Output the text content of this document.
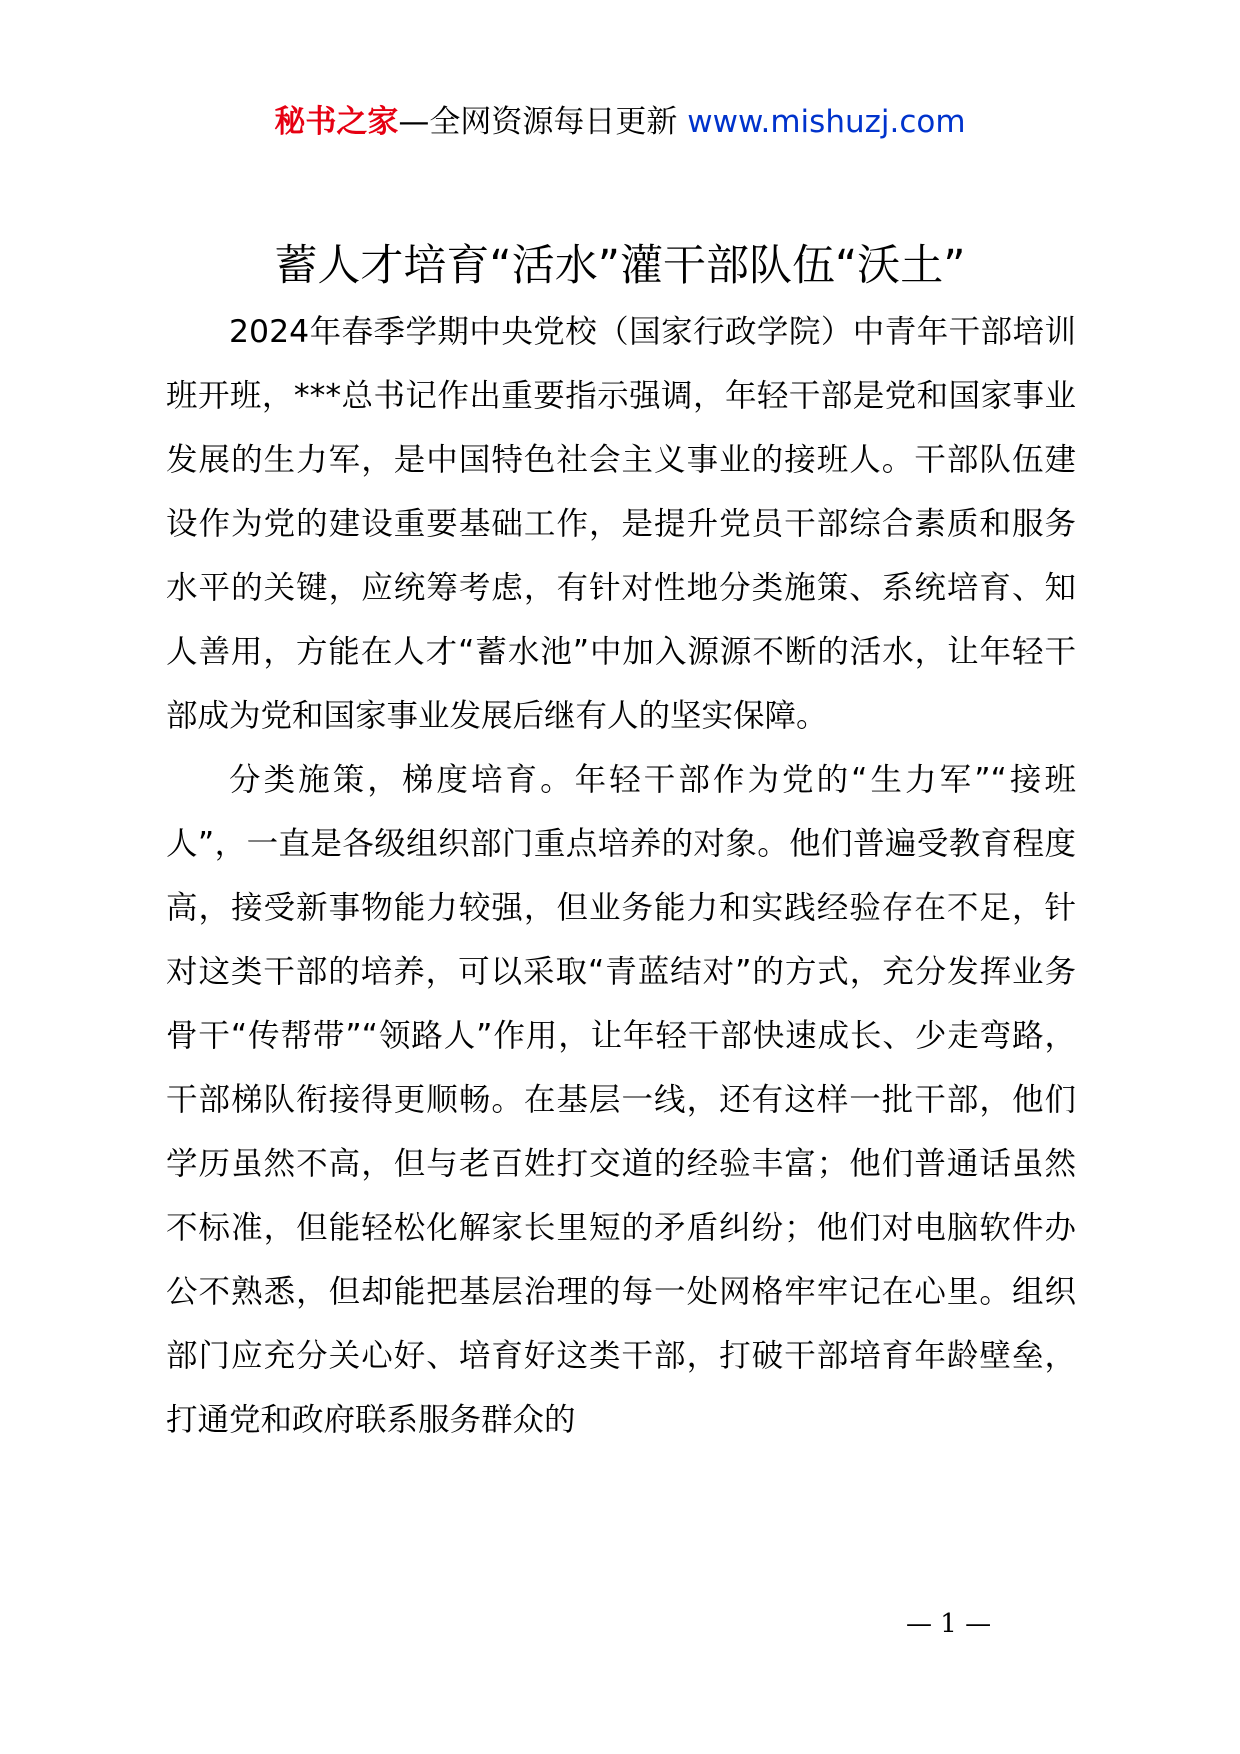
秘书之家—全网资源每日更新 www.mishuzj.com
蓄人才培育“活水”灌干部队伍“沃土”

2024年春季学期中央党校（国家行政学院）中青年干部培训班开班，***总书记作出重要指示强调，年轻干部是党和国家事业发展的生力军，是中国特色社会主义事业的接班人。干部队伍建设作为党的建设重要基础工作，是提升党员干部综合素质和服务水平的关键，应统筹考虑，有针对性地分类施策、系统培育、知人善用，方能在人才“蓄水池”中加入源源不断的活水，让年轻干部成为党和国家事业发展后继有人的坚实保障。

分类施策，梯度培育。年轻干部作为党的“生力军”“接班人”，一直是各级组织部门重点培养的对象。他们普遍受教育程度高，接受新事物能力较强，但业务能力和实践经验存在不足，针对这类干部的培养，可以采取“青蓝结对”的方式，充分发挥业务骨干“传帮带”“领路人”作用，让年轻干部快速成长、少走弯路，干部梯队衔接得更顺畅。在基层一线，还有这样一批干部，他们学历虽然不高，但与老百姓打交道的经验丰富；他们普通话虽然不标准，但能轻松化解家长里短的矛盾纠纷；他们对电脑软件办公不熟悉，但却能把基层治理的每一处网格牢牢记在心里。组织部门应充分关心好、培育好这类干部，打破干部培育年龄壁垒，打通党和政府联系服务群众的

— 1 —
